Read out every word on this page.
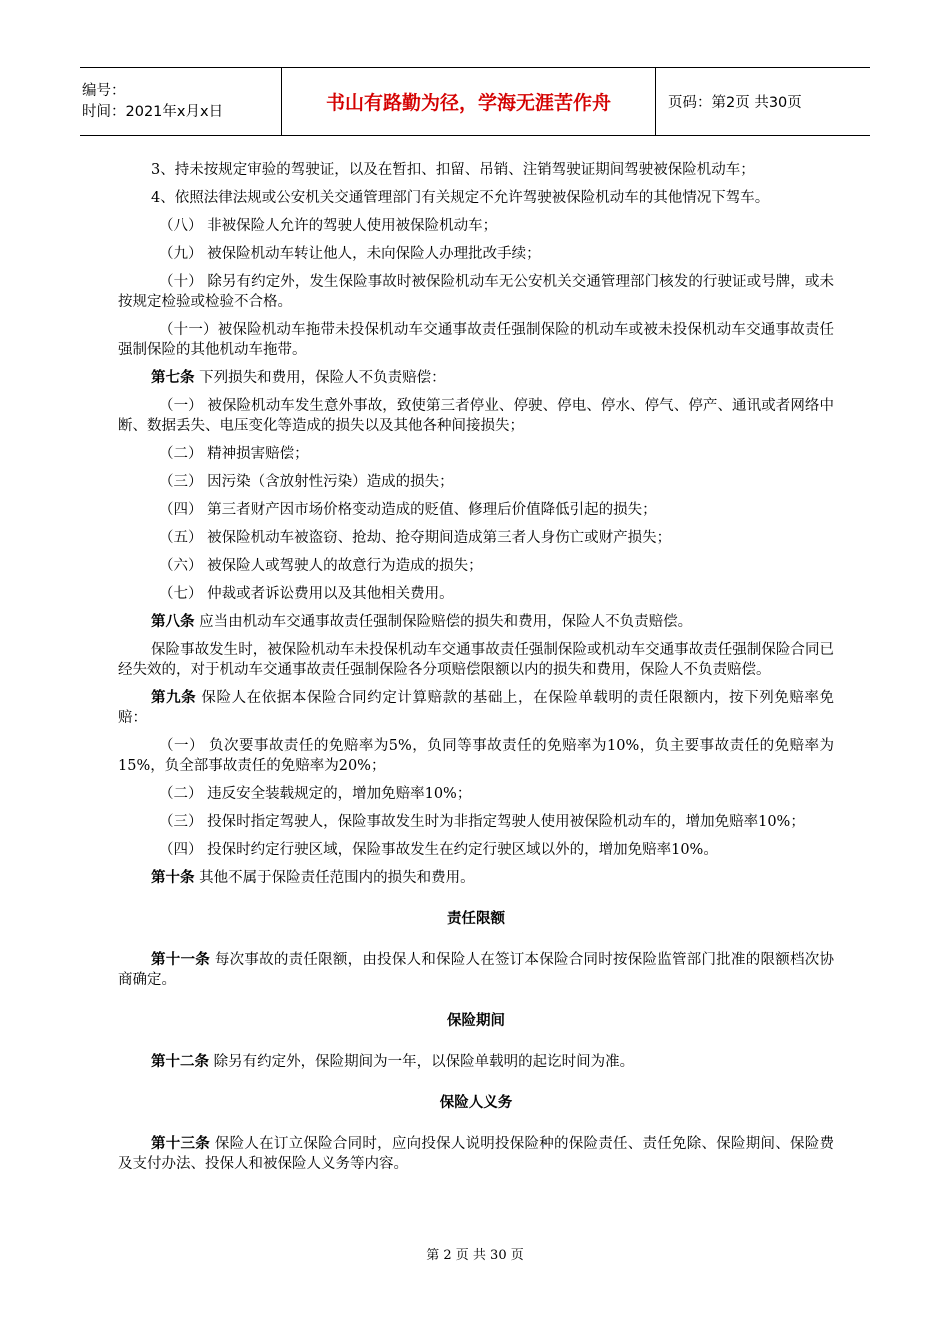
编号：
时间：2021年x月x日	书山有路勤为径，学海无涯苦作舟	页码：第2页 共30页

3、持未按规定审验的驾驶证，以及在暂扣、扣留、吊销、注销驾驶证期间驾驶被保险机动车；

4、依照法律法规或公安机关交通管理部门有关规定不允许驾驶被保险机动车的其他情况下驾车。

（八） 非被保险人允许的驾驶人使用被保险机动车；

（九） 被保险机动车转让他人，未向保险人办理批改手续；

（十） 除另有约定外，发生保险事故时被保险机动车无公安机关交通管理部门核发的行驶证或号牌，或未按规定检验或检验不合格。

（十一）被保险机动车拖带未投保机动车交通事故责任强制保险的机动车或被未投保机动车交通事故责任强制保险的其他机动车拖带。

第七条 下列损失和费用，保险人不负责赔偿：

（一） 被保险机动车发生意外事故，致使第三者停业、停驶、停电、停水、停气、停产、通讯或者网络中断、数据丢失、电压变化等造成的损失以及其他各种间接损失；

（二） 精神损害赔偿；

（三） 因污染（含放射性污染）造成的损失；

（四） 第三者财产因市场价格变动造成的贬值、修理后价值降低引起的损失；

（五） 被保险机动车被盗窃、抢劫、抢夺期间造成第三者人身伤亡或财产损失；

（六） 被保险人或驾驶人的故意行为造成的损失；

（七） 仲裁或者诉讼费用以及其他相关费用。

第八条 应当由机动车交通事故责任强制保险赔偿的损失和费用，保险人不负责赔偿。

保险事故发生时，被保险机动车未投保机动车交通事故责任强制保险或机动车交通事故责任强制保险合同已经失效的，对于机动车交通事故责任强制保险各分项赔偿限额以内的损失和费用，保险人不负责赔偿。

第九条 保险人在依据本保险合同约定计算赔款的基础上，在保险单载明的责任限额内，按下列免赔率免赔：

（一） 负次要事故责任的免赔率为5%，负同等事故责任的免赔率为10%，负主要事故责任的免赔率为15%，负全部事故责任的免赔率为20%；

（二） 违反安全装载规定的，增加免赔率10%；

（三） 投保时指定驾驶人，保险事故发生时为非指定驾驶人使用被保险机动车的，增加免赔率10%；

（四） 投保时约定行驶区域，保险事故发生在约定行驶区域以外的，增加免赔率10%。

第十条 其他不属于保险责任范围内的损失和费用。

责任限额

第十一条 每次事故的责任限额，由投保人和保险人在签订本保险合同时按保险监管部门批准的限额档次协商确定。

保险期间

第十二条 除另有约定外，保险期间为一年，以保险单载明的起讫时间为准。

保险人义务

第十三条 保险人在订立保险合同时，应向投保人说明投保险种的保险责任、责任免除、保险期间、保险费及支付办法、投保人和被保险人义务等内容。

第 2 页 共 30 页
